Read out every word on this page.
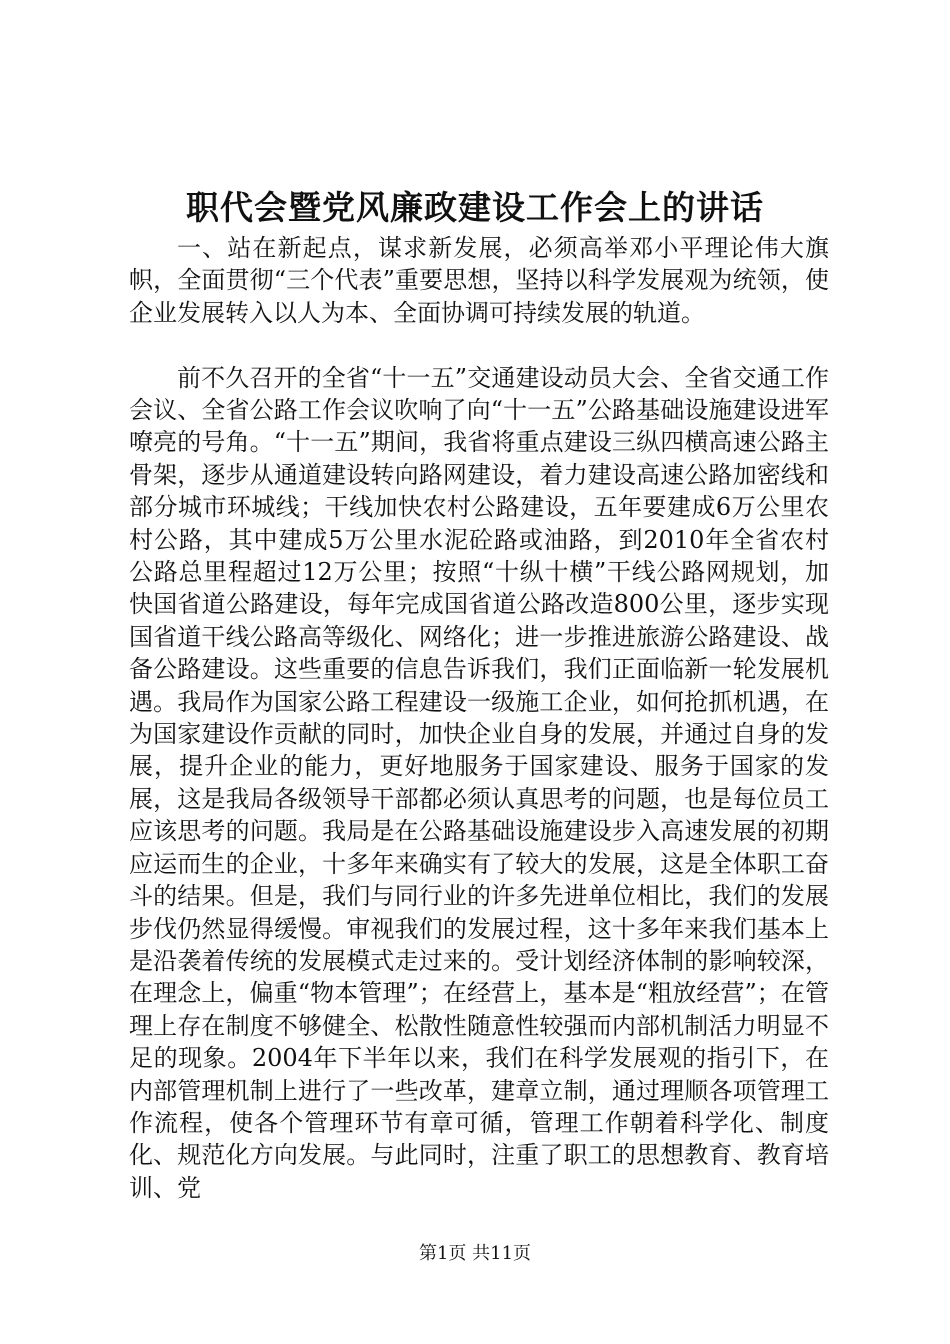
职代会暨党风廉政建设工作会上的讲话

一、站在新起点，谋求新发展，必须高举邓小平理论伟大旗帜，全面贯彻“三个代表”重要思想，坚持以科学发展观为统领，使企业发展转入以人为本、全面协调可持续发展的轨道。

前不久召开的全省“十一五”交通建设动员大会、全省交通工作会议、全省公路工作会议吹响了向“十一五”公路基础设施建设进军嘹亮的号角。“十一五”期间，我省将重点建设三纵四横高速公路主骨架，逐步从通道建设转向路网建设，着力建设高速公路加密线和部分城市环城线；干线加快农村公路建设，五年要建成6万公里农村公路，其中建成5万公里水泥砼路或油路，到2010年全省农村公路总里程超过12万公里；按照“十纵十横”干线公路网规划，加快国省道公路建设，每年完成国省道公路改造800公里，逐步实现国省道干线公路高等级化、网络化；进一步推进旅游公路建设、战备公路建设。这些重要的信息告诉我们，我们正面临新一轮发展机遇。我局作为国家公路工程建设一级施工企业，如何抢抓机遇，在为国家建设作贡献的同时，加快企业自身的发展，并通过自身的发展，提升企业的能力，更好地服务于国家建设、服务于国家的发展，这是我局各级领导干部都必须认真思考的问题，也是每位员工应该思考的问题。我局是在公路基础设施建设步入高速发展的初期应运而生的企业，十多年来确实有了较大的发展，这是全体职工奋斗的结果。但是，我们与同行业的许多先进单位相比，我们的发展步伐仍然显得缓慢。审视我们的发展过程，这十多年来我们基本上是沿袭着传统的发展模式走过来的。受计划经济体制的影响较深，在理念上，偏重“物本管理”；在经营上，基本是“粗放经营”；在管理上存在制度不够健全、松散性随意性较强而内部机制活力明显不足的现象。2004年下半年以来，我们在科学发展观的指引下，在内部管理机制上进行了一些改革，建章立制，通过理顺各项管理工作流程，使各个管理环节有章可循，管理工作朝着科学化、制度化、规范化方向发展。与此同时，注重了职工的思想教育、教育培训、党

第1页 共11页
